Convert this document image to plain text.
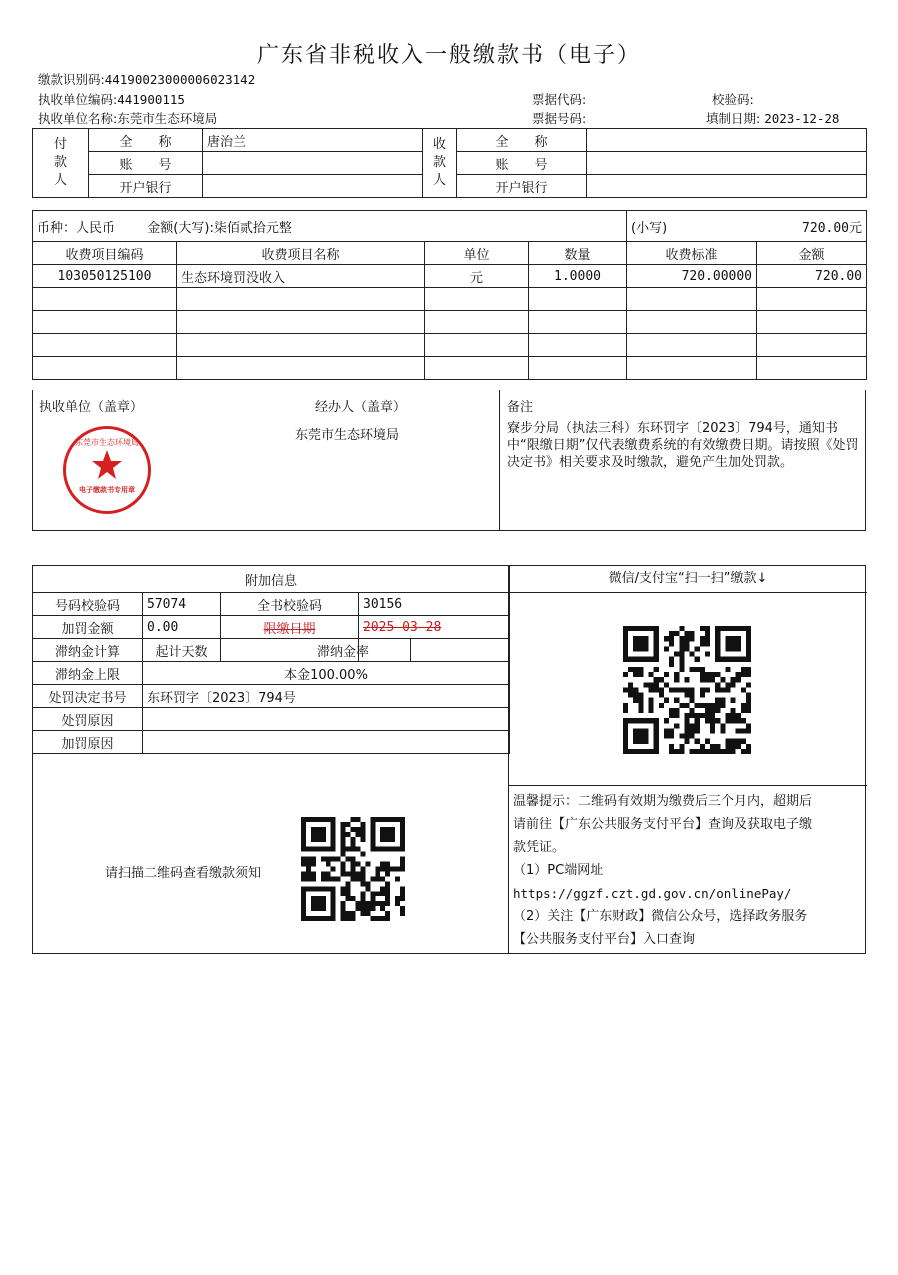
广东省非税收入一般缴款书（电子）
缴款识别码:441900230000060231​42
执收单位编码:441900115
执收单位名称:东莞市生态环境局
票据代码:
票据号码:
校验码:
填制日期: 2023-12-28
付款人	全　　称	唐治兰	收款人	全　　称	
	账　　号			账　　号	
	开户银行			开户银行	
币种：人民币 金额(大写):柒佰贰拾元整				(小写) 720.00元	

收费项目编码	收费项目名称	单位	数量	收费标准	金额
103050125100	生态环境罚没收入	元	1.0000	720.00000	720.00

执收单位（盖章）	经办人（盖章）
东莞市生态环境局
东莞市生态环境局
电子缴款书专用章
备注
寮步分局（执法三科）东环罚字〔2023〕794号，通知书中“限缴日期”仅代表缴费系统的有效缴费日期。请按照《处罚决定书》相关要求及时缴款，避免产生加处罚款。
附加信息				
号码校验码	57074	全书校验码	30156	
加罚金额	0.00	限缴日期	2025-03-28	
滞纳金计算	起计天数		滞纳金率	
滞纳金上限	本金100.00%			
处罚决定书号	东环罚字〔2023〕794号			
处罚原因				
加罚原因				
请扫描二维码查看缴款须知
微信/支付宝“扫一扫”缴款↓
温馨提示：二维码有效期为缴费后三个月内，超期后
请前往【广东公共服务支付平台】查询及获取电子缴
款凭证。
（1）PC端网址
https://ggzf.czt.gd.gov.cn/onlinePay/
（2）关注【广东财政】微信公众号，选择政务服务
【公共服务支付平台】入口查询
